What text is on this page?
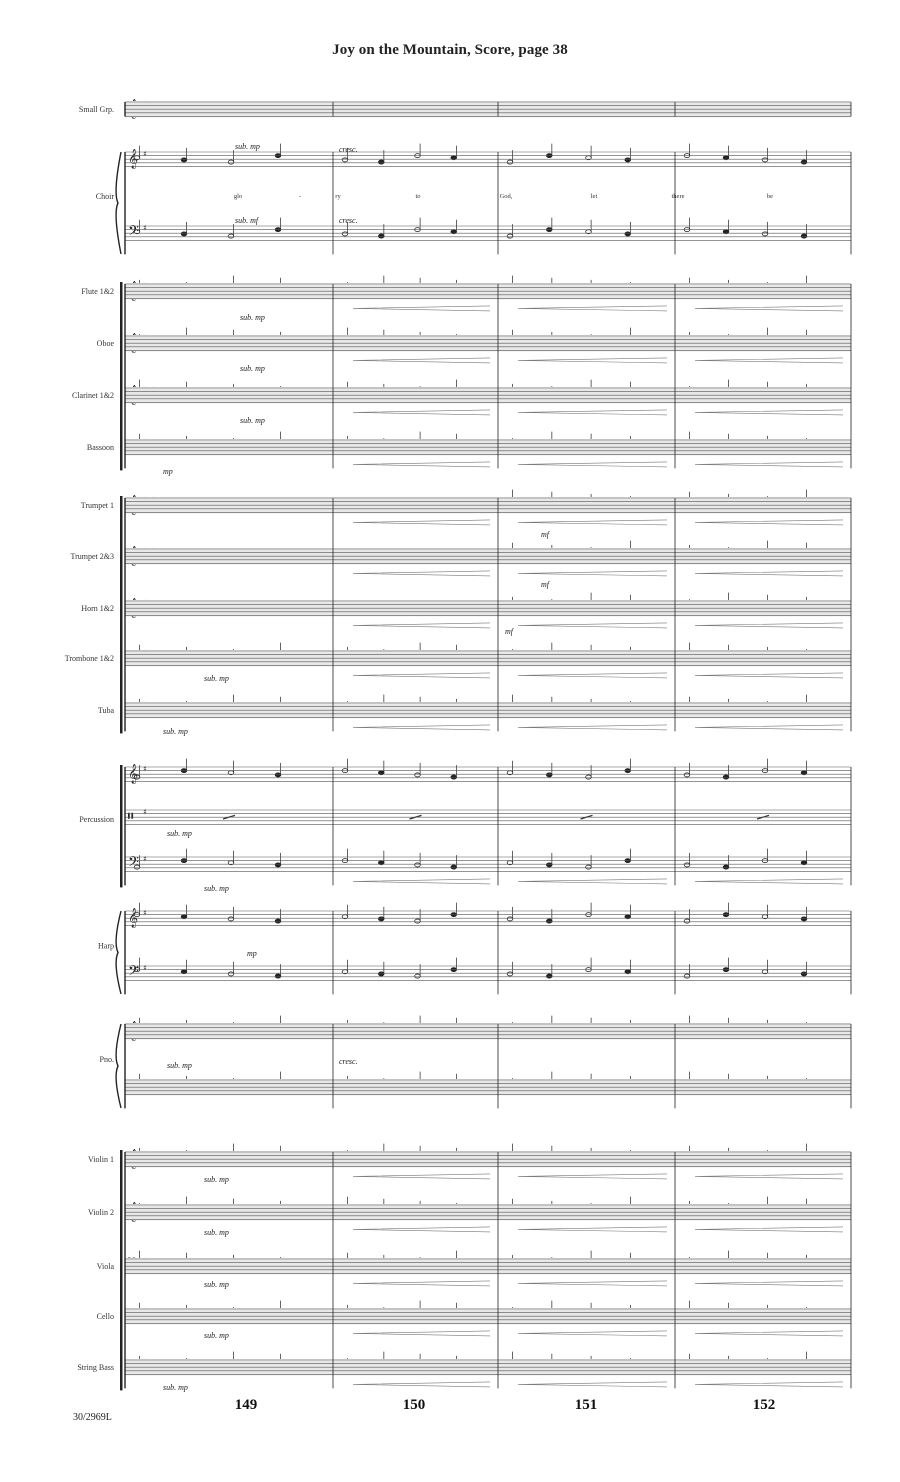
Joy on the Mountain, Score, page 38
Small Grp.
𝄞 ♯
𝄢 ♯
Choir
Flute 1&2
Oboe
Clarinet 1&2
Bassoon
Trumpet 1
Trumpet 2&3
Horn 1&2
Trombone 1&2
Tuba
𝄞 ♯
𝄥 ♯
𝄢 ♯
Percussion
𝄞 ♯
𝄢 ♯
Harp
Pno.
Violin 1
Violin 2
Viola
Cello
String Bass
glo	-	ry	to	God,	let	there	be
sub. mp	cresc.
sub. mf	cresc.
sub. mp
sub. mp
sub. mp
mp
mf
mf
mf
sub. mp
sub. mp
sub. mp
sub. mp
mp
sub. mp	cresc.
sub. mp
sub. mp
sub. mp
sub. mp
sub. mp
149	150	151	152
30/2969L
